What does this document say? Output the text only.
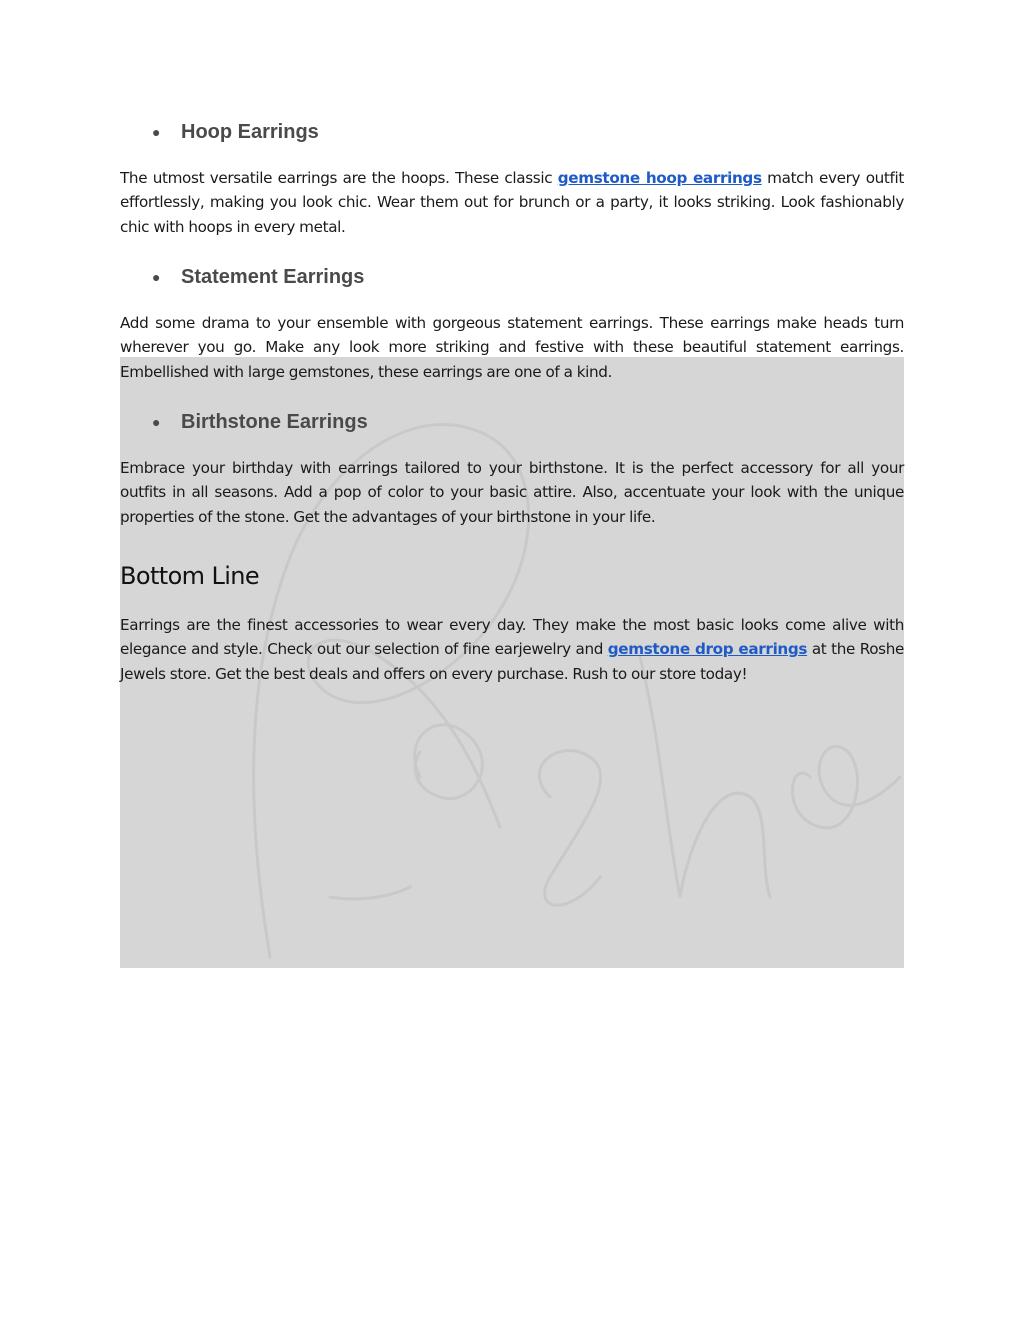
● Hoop Earrings
The utmost versatile earrings are the hoops. These classic gemstone hoop earrings match every outfit effortlessly, making you look chic. Wear them out for brunch or a party, it looks striking. Look fashionably chic with hoops in every metal.
● Statement Earrings
Add some drama to your ensemble with gorgeous statement earrings. These earrings make heads turn wherever you go. Make any look more striking and festive with these beautiful statement earrings. Embellished with large gemstones, these earrings are one of a kind.
● Birthstone Earrings
Embrace your birthday with earrings tailored to your birthstone. It is the perfect accessory for all your outfits in all seasons. Add a pop of color to your basic attire. Also, accentuate your look with the unique properties of the stone. Get the advantages of your birthstone in your life.
Bottom Line
Earrings are the finest accessories to wear every day. They make the most basic looks come alive with elegance and style. Check out our selection of fine earjewelry and gemstone drop earrings at the Roshe Jewels store. Get the best deals and offers on every purchase. Rush to our store today!
